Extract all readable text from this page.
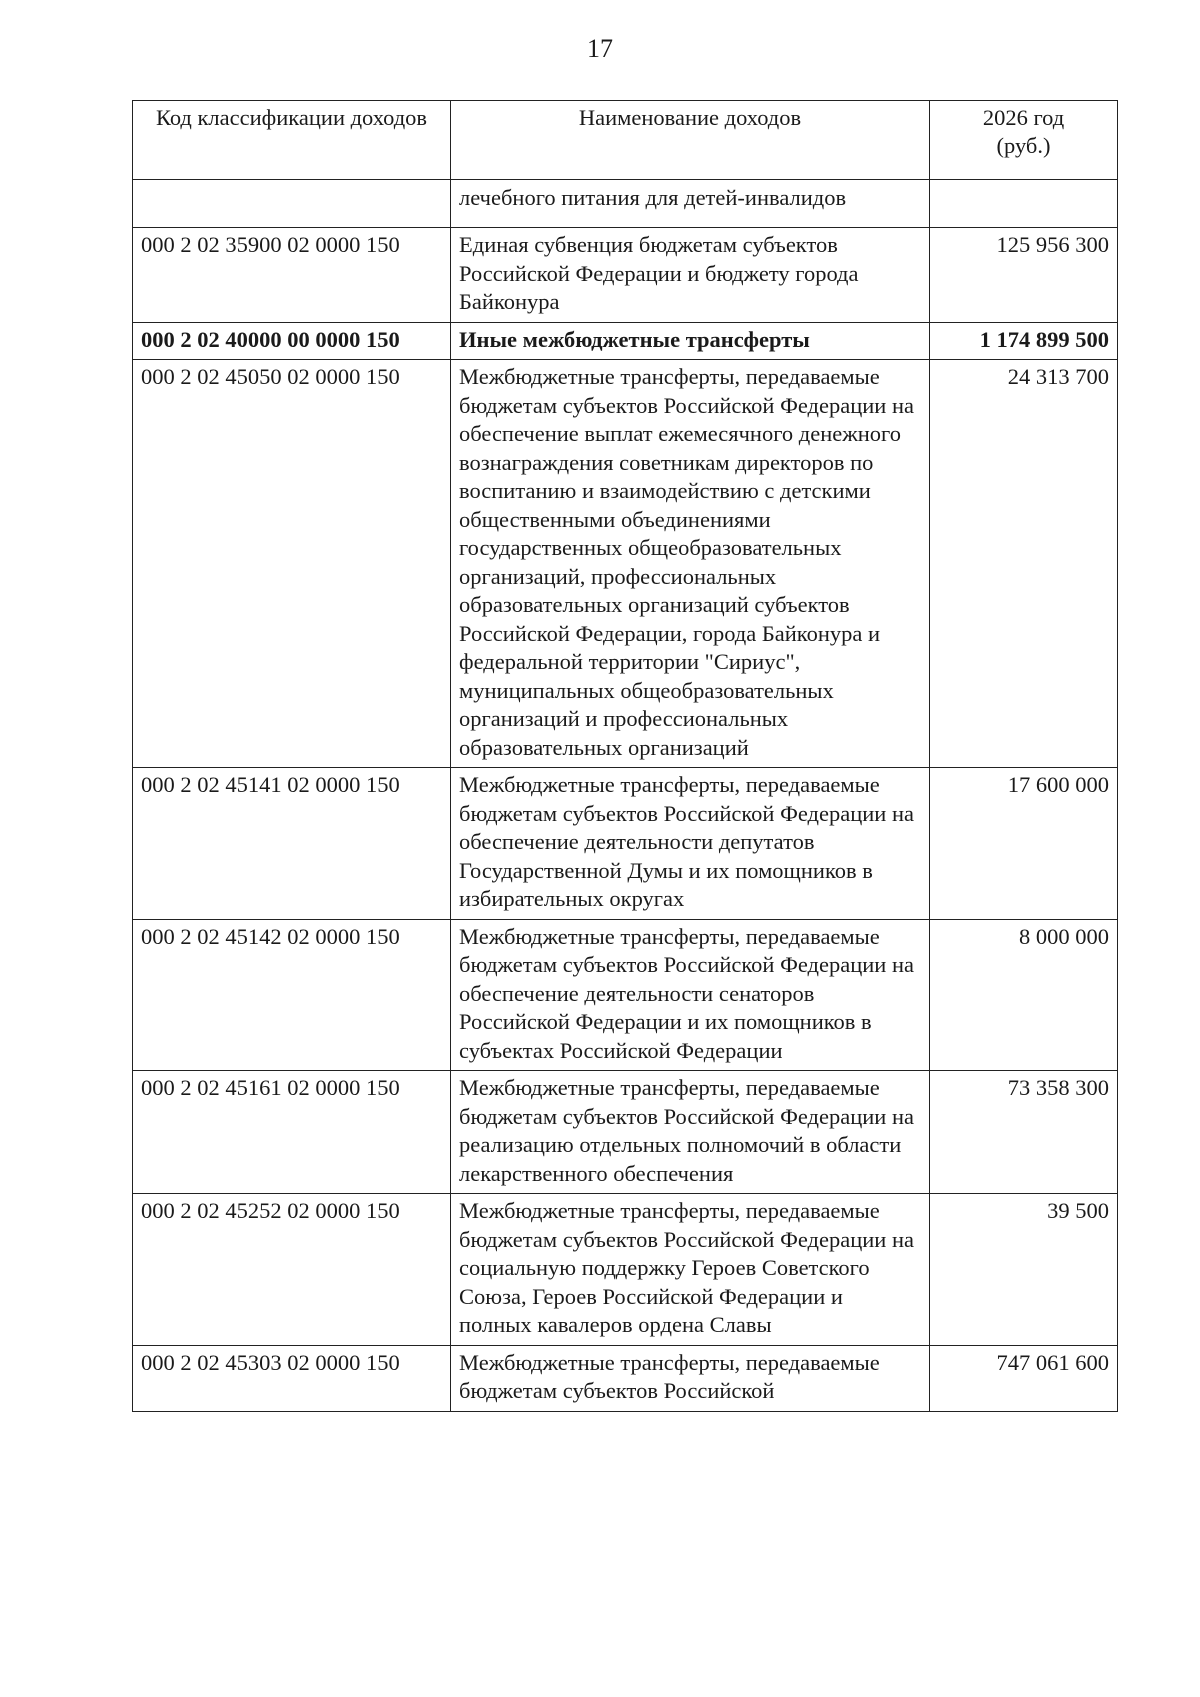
17
Код классификации доходов	Наименование доходов	2026 год
(руб.)
	лечебного питания для детей-инвалидов	
000 2 02 35900 02 0000 150	Единая субвенция бюджетам субъектов Российской Федерации и бюджету города Байконура	125 956 300
000 2 02 40000 00 0000 150	Иные межбюджетные трансферты	1 174 899 500
000 2 02 45050 02 0000 150	Межбюджетные трансферты, передаваемые бюджетам субъектов Российской Федерации на обеспечение выплат ежемесячного денежного вознаграждения советникам директоров по воспитанию и взаимодействию с детскими общественными объединениями государственных общеобразовательных организаций, профессиональных образовательных организаций субъектов Российской Федерации, города Байконура и федеральной территории "Сириус", муниципальных общеобразовательных организаций и профессиональных образовательных организаций	24 313 700
000 2 02 45141 02 0000 150	Межбюджетные трансферты, передаваемые бюджетам субъектов Российской Федерации на обеспечение деятельности депутатов Государственной Думы и их помощников в избирательных округах	17 600 000
000 2 02 45142 02 0000 150	Межбюджетные трансферты, передаваемые бюджетам субъектов Российской Федерации на обеспечение деятельности сенаторов Российской Федерации и их помощников в субъектах Российской Федерации	8 000 000
000 2 02 45161 02 0000 150	Межбюджетные трансферты, передаваемые бюджетам субъектов Российской Федерации на реализацию отдельных полномочий в области лекарственного обеспечения	73 358 300
000 2 02 45252 02 0000 150	Межбюджетные трансферты, передаваемые бюджетам субъектов Российской Федерации на социальную поддержку Героев Советского Союза, Героев Российской Федерации и полных кавалеров ордена Славы	39 500
000 2 02 45303 02 0000 150	Межбюджетные трансферты, передаваемые бюджетам субъектов Российской	747 061 600
